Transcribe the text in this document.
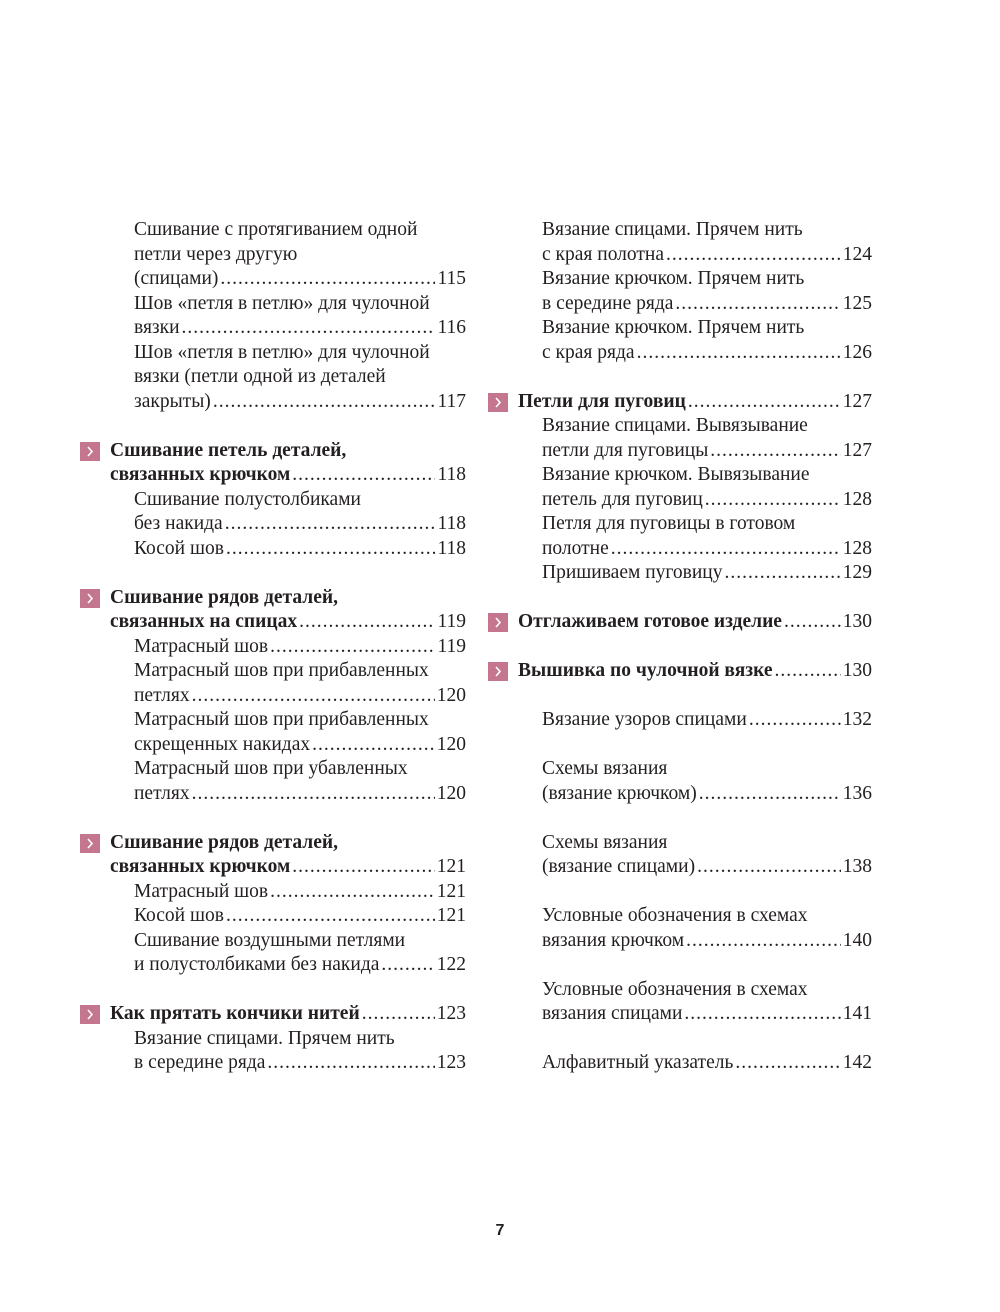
Сшивание с протягиванием одной
петли через другую
(спицами) .....	115
Шов «петля в петлю» для чулочной
вязки .....	116
Шов «петля в петлю» для чулочной
вязки (петли одной из деталей
закрыты) .....	117
Сшивание петель деталей,
связанных крючком .....	118
Сшивание полустолбиками
без накида .....	118
Косой шов .....	118
Сшивание рядов деталей,
связанных на спицах .....	119
Матрасный шов .....	119
Матрасный шов при прибавленных
петлях .....	120
Матрасный шов при прибавленных
скрещенных накидах .....	120
Матрасный шов при убавленных
петлях .....	120
Сшивание рядов деталей,
связанных крючком .....	121
Матрасный шов .....	121
Косой шов .....	121
Сшивание воздушными петлями
и полустолбиками без накида .....	122
Как прятать кончики нитей .....	123
Вязание спицами. Прячем нить
в середине ряда .....	123
Вязание спицами. Прячем нить
с края полотна .....	124
Вязание крючком. Прячем нить
в середине ряда .....	125
Вязание крючком. Прячем нить
с края ряда .....	126
Петли для пуговиц .....	127
Вязание спицами. Вывязывание
петли для пуговицы .....	127
Вязание крючком. Вывязывание
петель для пуговиц .....	128
Петля для пуговицы в готовом
полотне .....	128
Пришиваем пуговицу .....	129
Отглаживаем готовое изделие .....	130
Вышивка по чулочной вязке .....	130
Вязание узоров спицами .....	132
Схемы вязания
(вязание крючком) .....	136
Схемы вязания
(вязание спицами) .....	138
Условные обозначения в схемах
вязания крючком .....	140
Условные обозначения в схемах
вязания спицами .....	141
Алфавитный указатель .....	142
7
